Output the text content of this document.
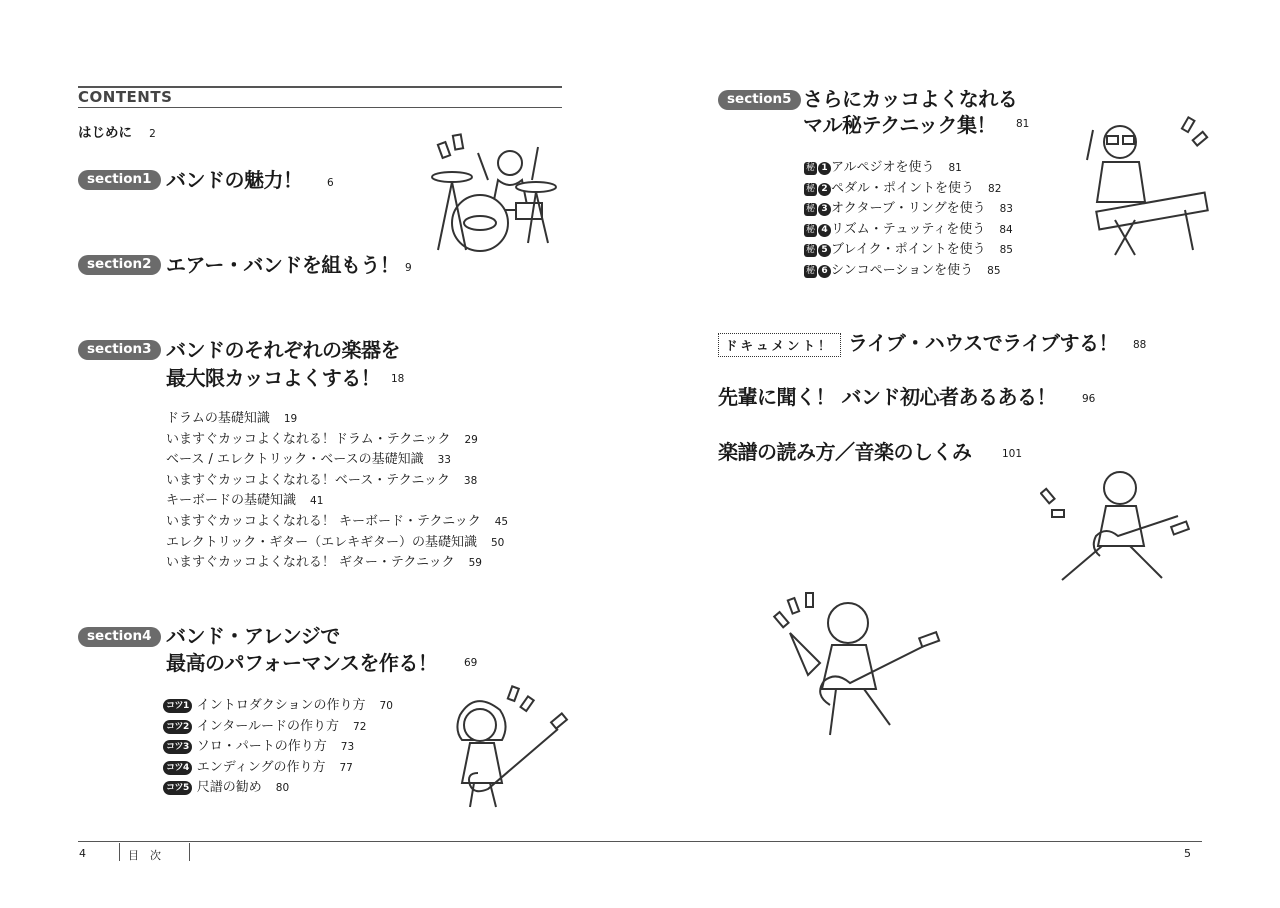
CONTENTS
はじめに 2
section1 バンドの魅力！ 6
section2 エアー・バンドを組もう！ 9
section3 バンドのそれぞれの楽器を
最大限カッコよくする！ 18
ドラムの基礎知識 19
いますぐカッコよくなれる！ドラム・テクニック 29
ベース / エレクトリック・ベースの基礎知識 33
いますぐカッコよくなれる！ベース・テクニック 38
キーボードの基礎知識 41
いますぐカッコよくなれる！ キーボード・テクニック 45
エレクトリック・ギター（エレキギター）の基礎知識 50
いますぐカッコよくなれる！ ギター・テクニック 59
section4 バンド・アレンジで
最高のパフォーマンスを作る！	69
コツ1 イントロダクションの作り方 70
コツ2 インタールードの作り方 72
コツ3 ソロ・パートの作り方 73
コツ4 エンディングの作り方 77
コツ5 尺譜の勧め 80
section5 さらにカッコよくなれる
マル秘テクニック集！ 81
秘 1 アルペジオを使う 81
秘 2 ペダル・ポイントを使う 82
秘 3 オクターブ・リングを使う 83
秘 4 リズム・テュッティを使う 84
秘 5 ブレイク・ポイントを使う 85
秘 6 シンコペーションを使う 85
ドキュメント！ ライブ・ハウスでライブする！ 88
先輩に聞く！ バンド初心者あるある！ 96
楽譜の読み方／音楽のしくみ	101
4	目　次	5
